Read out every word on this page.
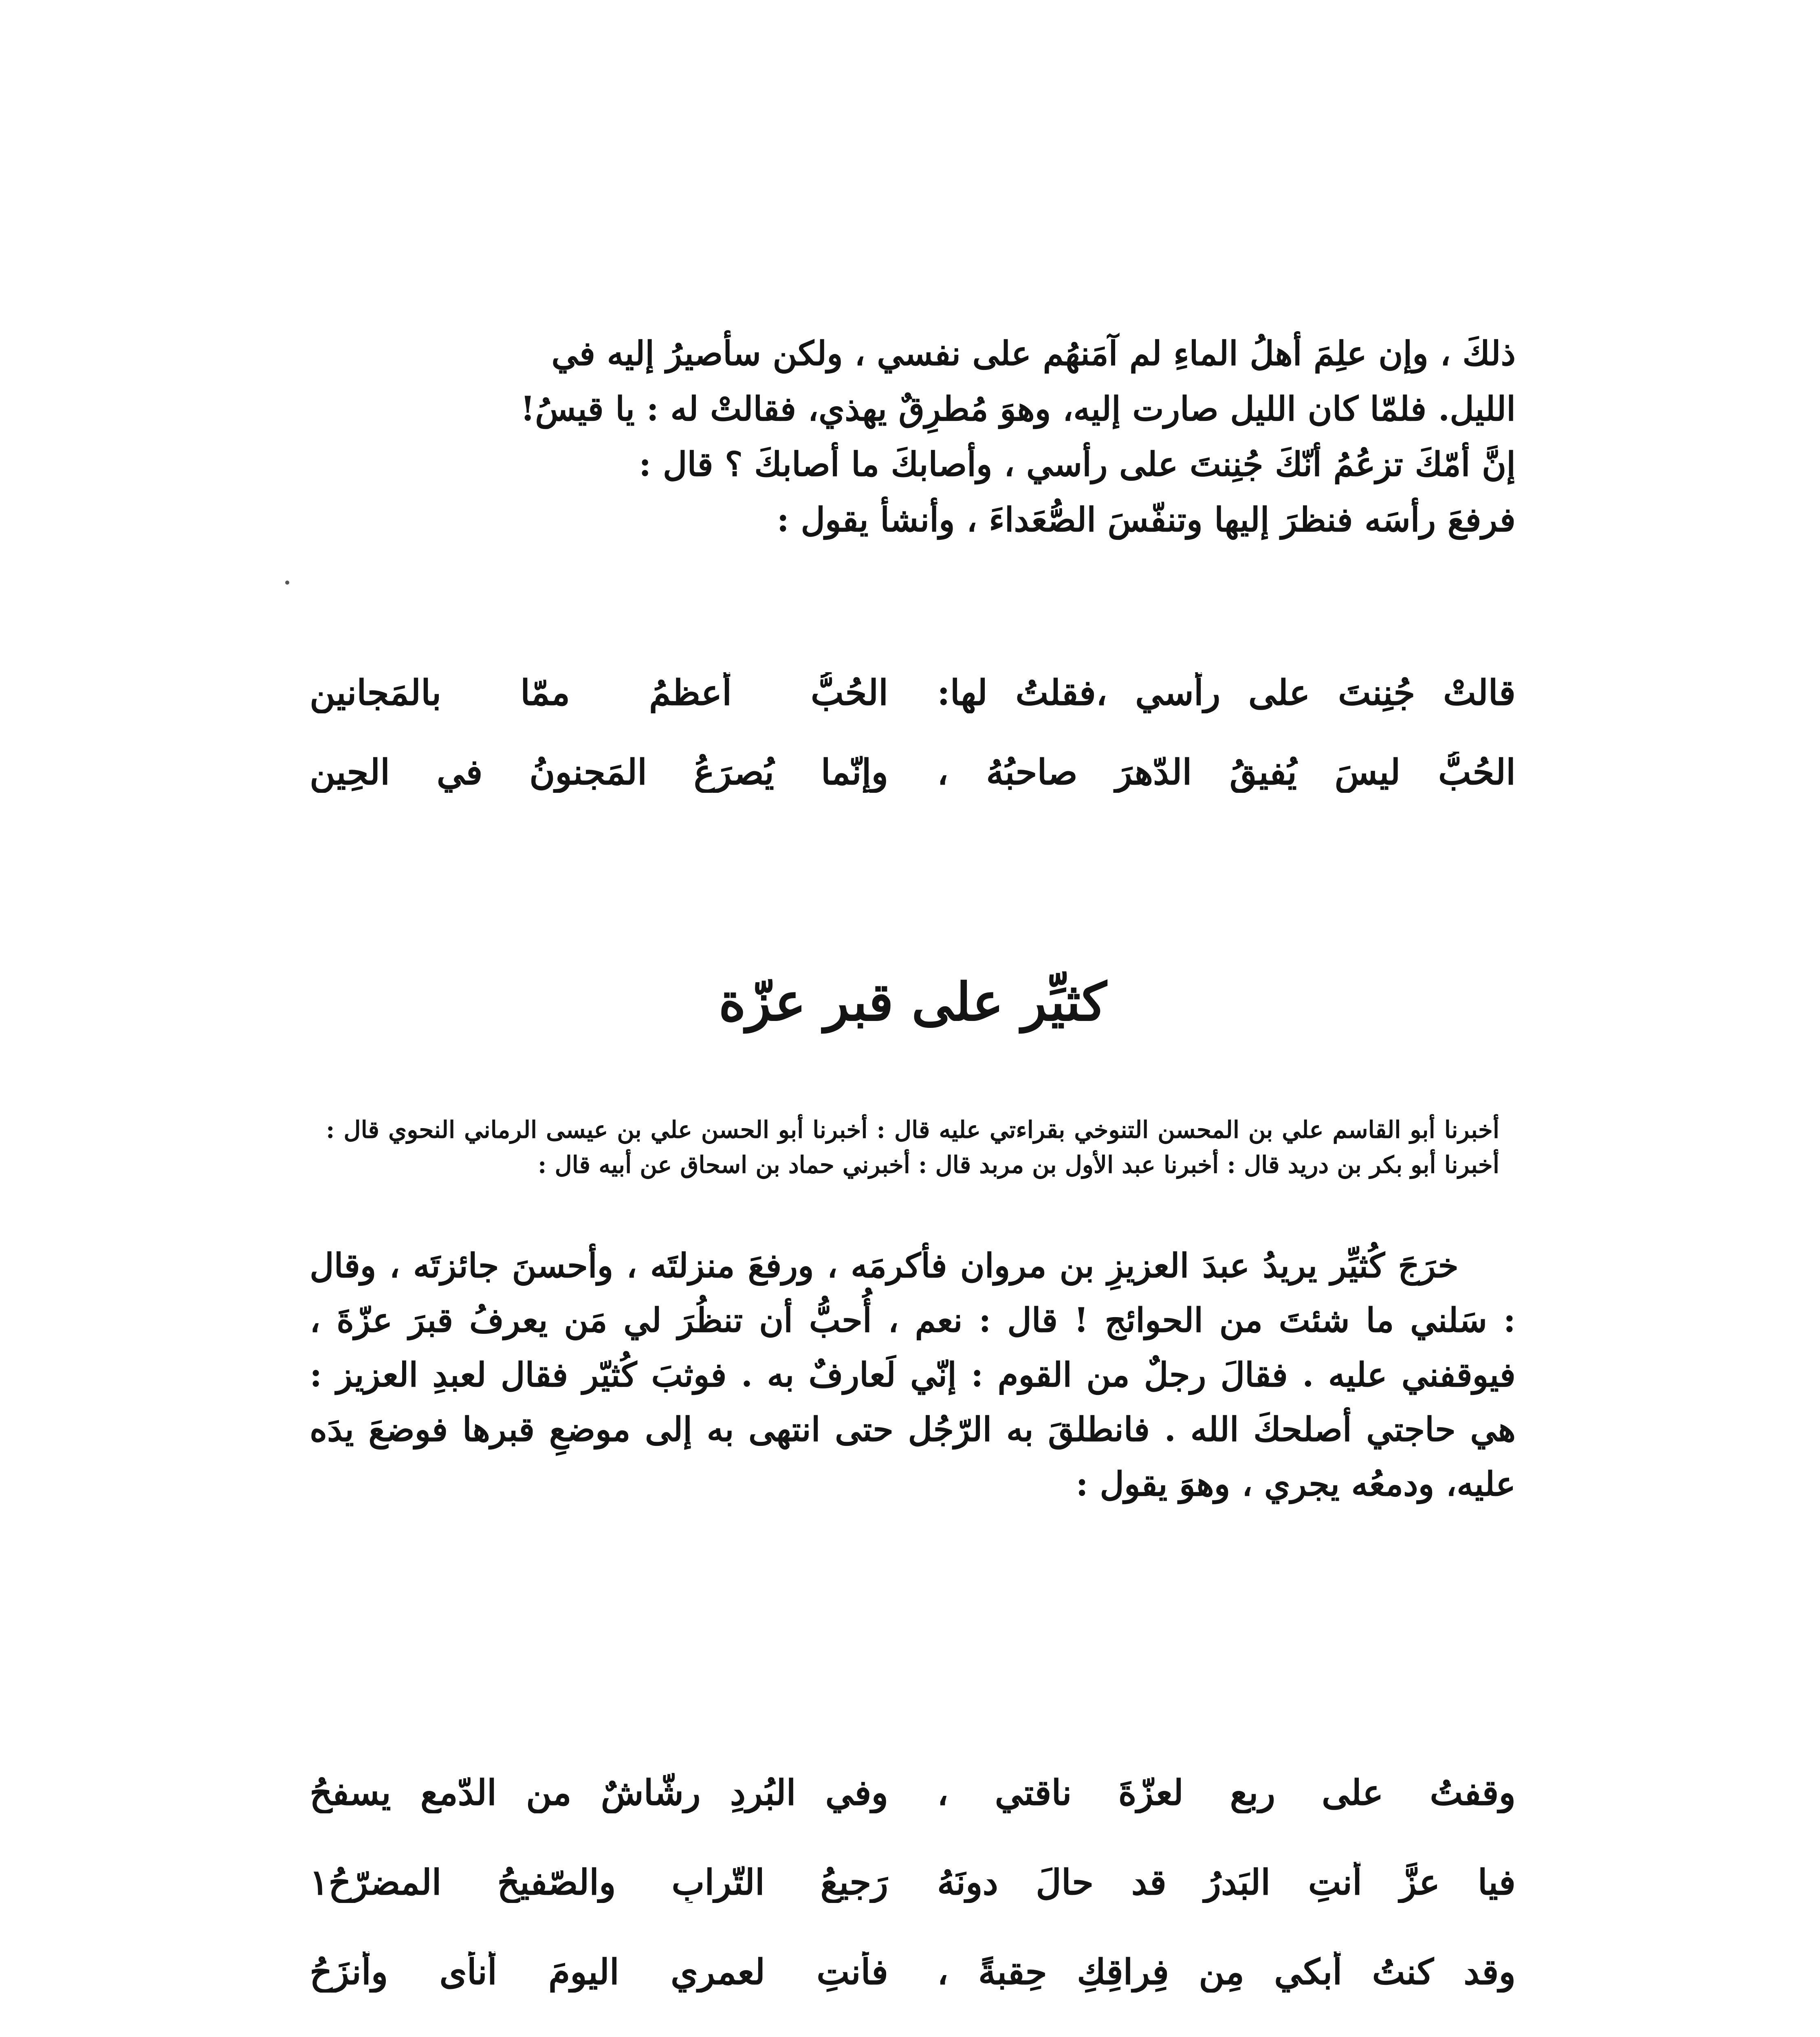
ذلكَ ، وإن علِمَ أهلُ الماءِ لم آمَنهُم على نفسي ، ولكن سأصيرُ إليه في

الليل. فلمّا كان الليل صارت إليه، وهوَ مُطرِقٌ يهذي، فقالتْ له : يا قيسُ!

إنَّ أمّكَ تزعُمُ أنّكَ جُنِنتَ على رأسي ، وأصابكَ ما أصابكَ ؟ قال :

فرفعَ رأسَه فنظرَ إليها وتنفّسَ الصُّعَداءَ ، وأنشأ يقول :

قالتْ جُنِنتَ على رأسي ،فقلتُ لها:
الحُبُّ أعظمُ ممّا بالمَجانينِ
الحُبُّ ليسَ يُفيقُ الدّهرَ صاحبُهُ ،
وإنّما يُصرَعُ المَجنونُ في الحِينِ
كثيِّر على قبر عزّة
أخبرنا أبو القاسم علي بن المحسن التنوخي بقراءتي عليه قال : أخبرنا أبو الحسن علي بن عيسى الرماني النحوي قال : أخبرنا أبو بكر بن دريد قال : أخبرنا عبد الأول بن مربد قال : أخبرني حماد بن اسحاق عن أبيه قال :
خرَجَ كُثيِّر يريدُ عبدَ العزيزِ بن مروان فأكرمَه ، ورفعَ منزلتَه ، وأحسنَ جائزتَه ، وقال : سَلني ما شئتَ من الحوائج ! قال : نعم ، أُحبُّ أن تنظُرَ لي مَن يعرفُ قبرَ عزّةَ ، فيوقفني عليه . فقالَ رجلٌ من القوم : إنّي لَعارفٌ به . فوثبَ كُثيّر فقال لعبدِ العزيز : هي حاجتي أصلحكَ الله . فانطلقَ به الرّجُل حتى انتهى به إلى موضعِ قبرها فوضعَ يدَه عليه، ودمعُه يجري ، وهوَ يقول :
وقفتُ على ربعٍ لعزّةَ ناقتي ،
وفي البُردِ رشّاشٌ من الدّمع يسفحُ
فيا عزَّ أنتِ البَدرُ قد حالَ دونَهُ
رَجيعُ التّرابِ والصّفيحُ المضرّحُ١
وقد كنتُ أبكي مِن فِراقِكِ حِقبةً ،
فأنتِ لعمري اليومَ أنأى وأنزَحُ
